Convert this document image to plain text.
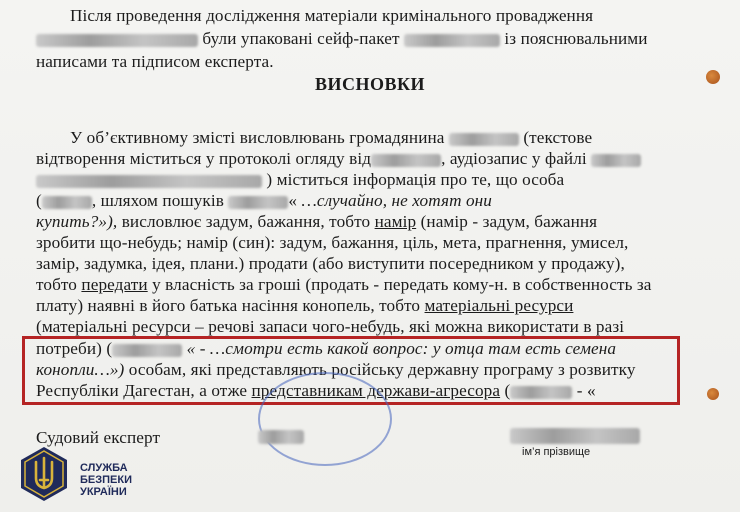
Після проведення дослідження матеріали кримінального провадження
були упаковані сейф-пакет	із пояснювальними
написами та підписом експерта.
ВИСНОВКИ
У об’єктивному змісті висловлювань громадянина	(текстове
відтворення міститься у протоколі огляду від	, аудіозапис у файлі
) міститься інформація про те, що особа
(	, шляхом пошуків	« …случайно, не хотят они
купить?»), висловлює задум, бажання, тобто намір (намір - задум, бажання
зробити що-небудь; намір (син): задум, бажання, ціль, мета, прагнення, умисел,
замір, задумка, ідея, плани.) продати (або виступити посередником у продажу),
тобто передати у власність за гроші (продать - передать кому-н. в собственность за
плату) наявні в його батька насіння конопель, тобто матеріальні ресурси
(матеріальні ресурси – речові запаси чого-небудь, які можна використати в разі
потреби) (	« - …смотри есть какой вопрос: у отца там есть семена
конопли…») особам, які представляють російську державну програму з розвитку
Республіки Дагестан, а отже представникам держави-агресора (	- «
Судовий експерт
ім’я прізвище
СЛУЖБА
БЕЗПЕКИ
УКРАЇНИ
